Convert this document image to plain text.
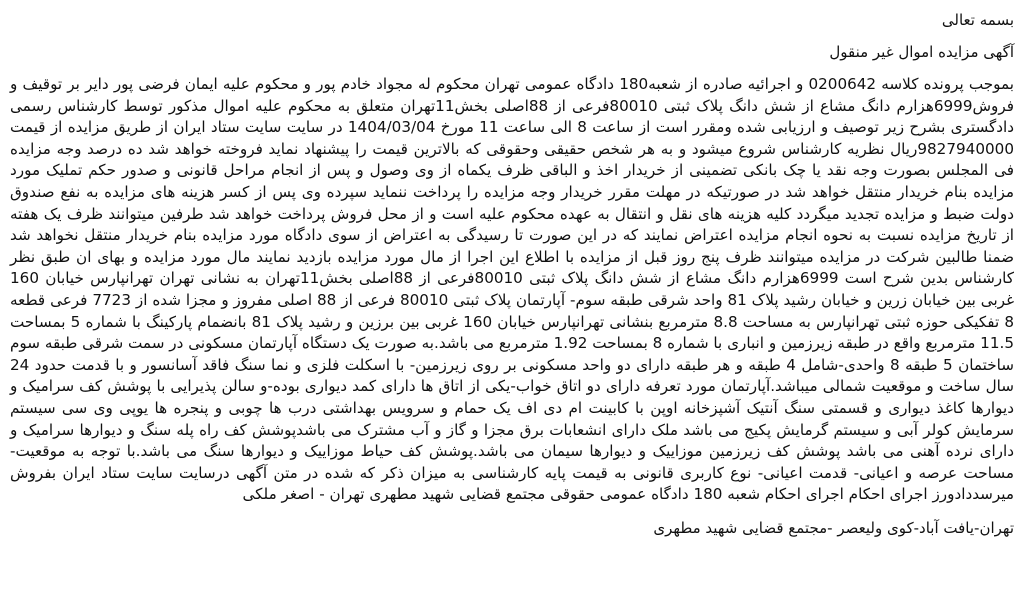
بسمه تعالی

آگهی مزایده اموال غیر منقول

بموجب پرونده کلاسه 0200642 و اجرائیه صادره از شعبه180 دادگاه عمومی تهران محکوم له مجواد خادم پور و محکوم علیه ایمان فرضی پور دایر بر توقیف و فروش6999هزارم دانگ مشاع از شش دانگ پلاک ثبتی 80010فرعی از 88اصلی بخش11تهران متعلق به محکوم علیه اموال مذکور توسط کارشناس رسمی دادگستری بشرح زیر توصیف و ارزیابی شده ومقرر است از ساعت 8 الی ساعت 11 مورخ 1404/03/04 در سایت سایت ستاد ایران از طریق مزایده از قیمت 9827940000ریال نظریه کارشناس شروع میشود و به هر شخص حقیقی وحقوقی که بالاترین قیمت را پیشنهاد نماید فروخته خواهد شد ده درصد وجه مزایده فی المجلس بصورت وجه نقد یا چک بانکی تضمینی از خریدار اخذ و الباقی ظرف یکماه از وی وصول و پس از انجام مراحل قانونی و صدور حکم تملیک مورد مزایده بنام خریدار منتقل خواهد شد در صورتیکه در مهلت مقرر خریدار وجه مزایده را پرداخت ننماید سپرده وی پس از کسر هزینه های مزایده به نفع صندوق دولت ضبط و مزایده تجدید میگردد کلیه هزینه های نقل و انتقال به عهده محکوم علیه است و از محل فروش پرداخت خواهد شد طرفین میتوانند ظرف یک هفته از تاریخ مزایده نسبت به نحوه انجام مزایده اعتراض نمایند که در این صورت تا رسیدگی به اعتراض از سوی دادگاه مورد مزایده بنام خریدار منتقل نخواهد شد ضمنا طالبین شرکت در مزایده میتوانند ظرف پنج روز قبل از مزایده با اطلاع این اجرا از مال مورد مزایده بازدید نمایند مال مورد مزایده و بهای ان طبق نظر کارشناس بدین شرح است 6999هزارم دانگ مشاع از شش دانگ پلاک ثبتی 80010فرعی از 88اصلی بخش11تهران به نشانی تهران تهرانپارس خیابان 160 غربی بین خیابان زرین و خیابان رشید پلاک 81 واحد شرقی طبقه سوم- آپارتمان پلاک ثبتی 80010 فرعی از 88 اصلی مفروز و مجزا شده از 7723 فرعی قطعه 8 تفکیکی حوزه ثبتی تهرانپارس به مساحت 8.8 مترمربع بنشانی تهرانپارس خیابان 160 غربی بین برزین و رشید پلاک 81 بانضمام پارکینگ با شماره 5 بمساحت 11.5 مترمربع واقع در طبقه زیرزمین و انباری با شماره 8 بمساحت 1.92 مترمربع می باشد.به صورت یک دستگاه آپارتمان مسکونی در سمت شرقی طبقه سوم ساختمان 5 طبقه 8 واحدی-شامل 4 طبقه و هر طبقه دارای دو واحد مسکونی بر روی زیرزمین- با اسکلت فلزی و نما سنگ فاقد آسانسور و با قدمت حدود 24 سال ساخت و موقعیت شمالی میباشد.آپارتمان مورد تعرفه دارای دو اتاق خواب-یکی از اتاق ها دارای کمد دیواری بوده-و سالن پذیرایی با پوشش کف سرامیک و دیوارها کاغذ دیواری و قسمتی سنگ آنتیک آشپزخانه اوپن با کابینت ام دی اف یک حمام و سرویس بهداشتی درب ها چوبی و پنجره ها یوپی وی سی سیستم سرمایش کولر آبی و سیستم گرمایش پکیج می باشد ملک دارای انشعابات برق مجزا و گاز و آب مشترک می باشدپوشش کف راه پله سنگ و دیوارها سرامیک و دارای نرده آهنی می باشد پوشش کف زیرزمین موزاییک و دیوارها سیمان می باشد.پوشش کف حیاط موزاییک و دیوارها سنگ می باشد.با توجه به موقعیت- مساحت عرصه و اعیانی- قدمت اعیانی- نوع کاربری قانونی به قیمت پایه کارشناسی به میزان ذکر که شده در متن آگهی درسایت سایت ستاد ایران بفروش میرسددادورز اجرای احکام اجرای احکام شعبه 180 دادگاه عمومی حقوقی مجتمع قضایی شهید مطهری تهران - اصغر ملکی

تهران-یافت آباد-کوی ولیعصر -مجتمع قضایی شهید مطهری
